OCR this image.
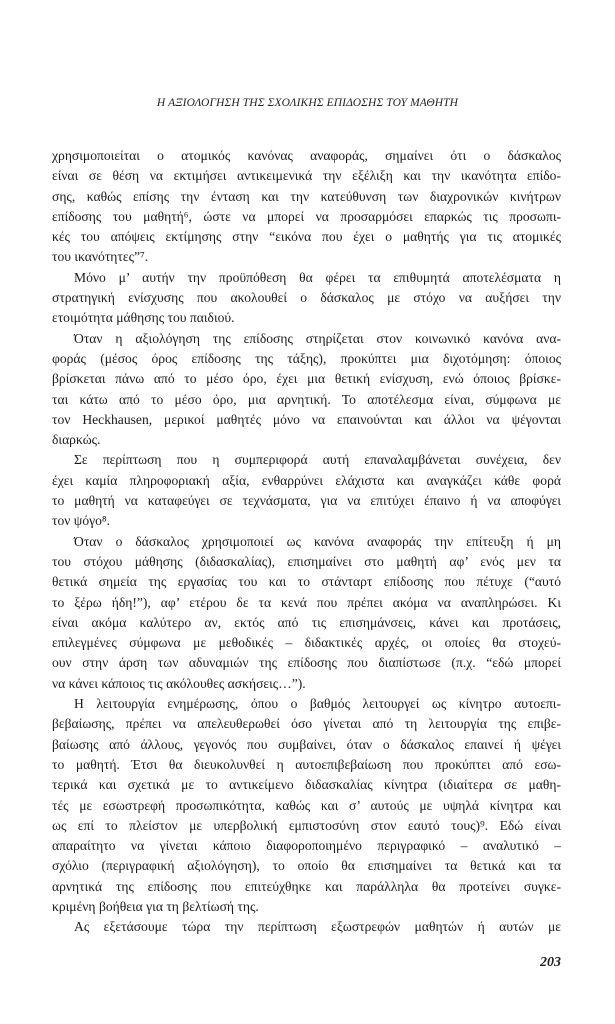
Η ΑΞΙΟΛΟΓΗΣΗ ΤΗΣ ΣΧΟΛΙΚΗΣ ΕΠΙΔΟΣΗΣ ΤΟΥ ΜΑΘΗΤΗ
χρησιμοποιείται ο ατομικός κανόνας αναφοράς, σημαίνει ότι ο δάσκαλος
είναι σε θέση να εκτιμήσει αντικειμενικά την εξέλιξη και την ικανότητα επίδο-
σης, καθώς επίσης την ένταση και την κατεύθυνση των διαχρονικών κινήτρων
επίδοσης του μαθητή⁶, ώστε να μπορεί να προσαρμόσει επαρκώς τις προσωπι-
κές του απόψεις εκτίμησης στην “εικόνα που έχει ο μαθητής για τις ατομικές
του ικανότητες”⁷.
Μόνο μ’ αυτήν την προϋπόθεση θα φέρει τα επιθυμητά αποτελέσματα η
στρατηγική ενίσχυσης που ακολουθεί ο δάσκαλος με στόχο να αυξήσει την
ετοιμότητα μάθησης του παιδιού.
Όταν η αξιολόγηση της επίδοσης στηρίζεται στον κοινωνικό κανόνα ανα-
φοράς (μέσος όρος επίδοσης της τάξης), προκύπτει μια διχοτόμηση: όποιος
βρίσκεται πάνω από το μέσο όρο, έχει μια θετική ενίσχυση, ενώ όποιος βρίσκε-
ται κάτω από το μέσο όρο, μια αρνητική. Το αποτέλεσμα είναι, σύμφωνα με
τον Heckhausen, μερικοί μαθητές μόνο να επαινούνται και άλλοι να ψέγονται
διαρκώς.
Σε περίπτωση που η συμπεριφορά αυτή επαναλαμβάνεται συνέχεια, δεν
έχει καμία πληροφοριακή αξία, ενθαρρύνει ελάχιστα και αναγκάζει κάθε φορά
το μαθητή να καταφεύγει σε τεχνάσματα, για να επιτύχει έπαινο ή να αποφύγει
τον ψόγο⁸.
Όταν ο δάσκαλος χρησιμοποιεί ως κανόνα αναφοράς την επίτευξη ή μη
του στόχου μάθησης (διδασκαλίας), επισημαίνει στο μαθητή αφ’ ενός μεν τα
θετικά σημεία της εργασίας του και το στάνταρτ επίδοσης που πέτυχε (“αυτό
το ξέρω ήδη!”), αφ’ ετέρου δε τα κενά που πρέπει ακόμα να αναπληρώσει. Κι
είναι ακόμα καλύτερο αν, εκτός από τις επισημάνσεις, κάνει και προτάσεις,
επιλεγμένες σύμφωνα με μεθοδικές – διδακτικές αρχές, οι οποίες θα στοχεύ-
ουν στην άρση των αδυναμιών της επίδοσης που διαπίστωσε (π.χ. “εδώ μπορεί
να κάνει κάποιος τις ακόλουθες ασκήσεις…”).
Η λειτουργία ενημέρωσης, όπου ο βαθμός λειτουργεί ως κίνητρο αυτοεπι-
βεβαίωσης, πρέπει να απελευθερωθεί όσο γίνεται από τη λειτουργία της επιβε-
βαίωσης από άλλους, γεγονός που συμβαίνει, όταν ο δάσκαλος επαινεί ή ψέγει
το μαθητή. Έτσι θα διευκολυνθεί η αυτοεπιβεβαίωση που προκύπτει από εσω-
τερικά και σχετικά με το αντικείμενο διδασκαλίας κίνητρα (ιδιαίτερα σε μαθη-
τές με εσωστρεφή προσωπικότητα, καθώς και σ’ αυτούς με υψηλά κίνητρα και
ως επί το πλείστον με υπερβολική εμπιστοσύνη στον εαυτό τους)⁹. Εδώ είναι
απαραίτητο να γίνεται κάποιο διαφοροποιημένο περιγραφικό – αναλυτικό –
σχόλιο (περιγραφική αξιολόγηση), το οποίο θα επισημαίνει τα θετικά και τα
αρνητικά της επίδοσης που επιτεύχθηκε και παράλληλα θα προτείνει συγκε-
κριμένη βοήθεια για τη βελτίωσή της.
Ας εξετάσουμε τώρα την περίπτωση εξωστρεφών μαθητών ή αυτών με
203
